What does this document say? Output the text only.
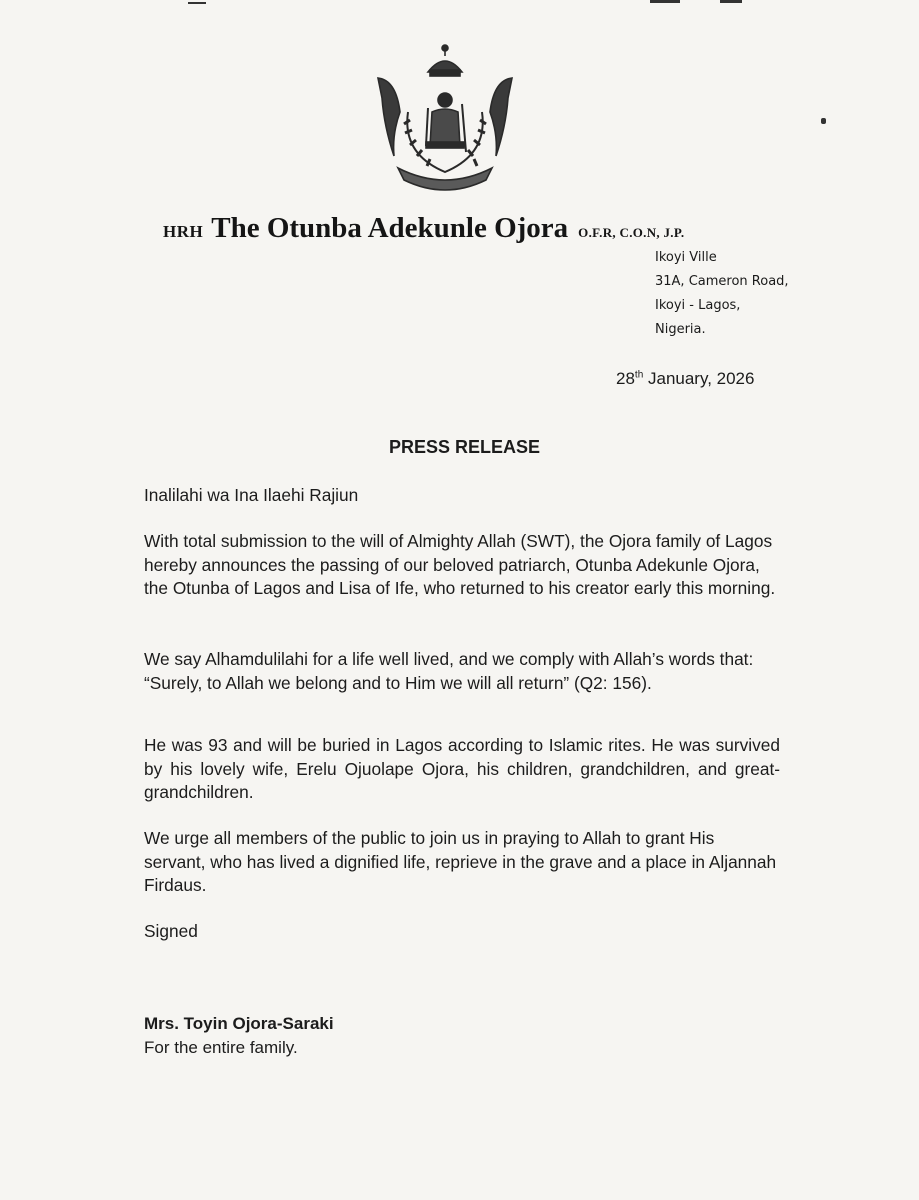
HRH The Otunba Adekunle Ojora O.F.R, C.O.N, J.P.
Ikoyi Ville
31A, Cameron Road,
Ikoyi - Lagos,
Nigeria.
28th January, 2026
PRESS RELEASE
Inalilahi wa Ina Ilaehi Rajiun
With total submission to the will of Almighty Allah (SWT), the Ojora family of Lagos hereby announces the passing of our beloved patriarch, Otunba Adekunle Ojora, the Otunba of Lagos and Lisa of Ife, who returned to his creator early this morning.
We say Alhamdulilahi for a life well lived, and we comply with Allah’s words that: “Surely, to Allah we belong and to Him we will all return” (Q2: 156).
He was 93 and will be buried in Lagos according to Islamic rites. He was survived by his lovely wife, Erelu Ojuolape Ojora, his children, grandchildren, and great-grandchildren.
We urge all members of the public to join us in praying to Allah to grant His servant, who has lived a dignified life, reprieve in the grave and a place in Aljannah Firdaus.
Signed
Mrs. Toyin Ojora-Saraki
For the entire family.
